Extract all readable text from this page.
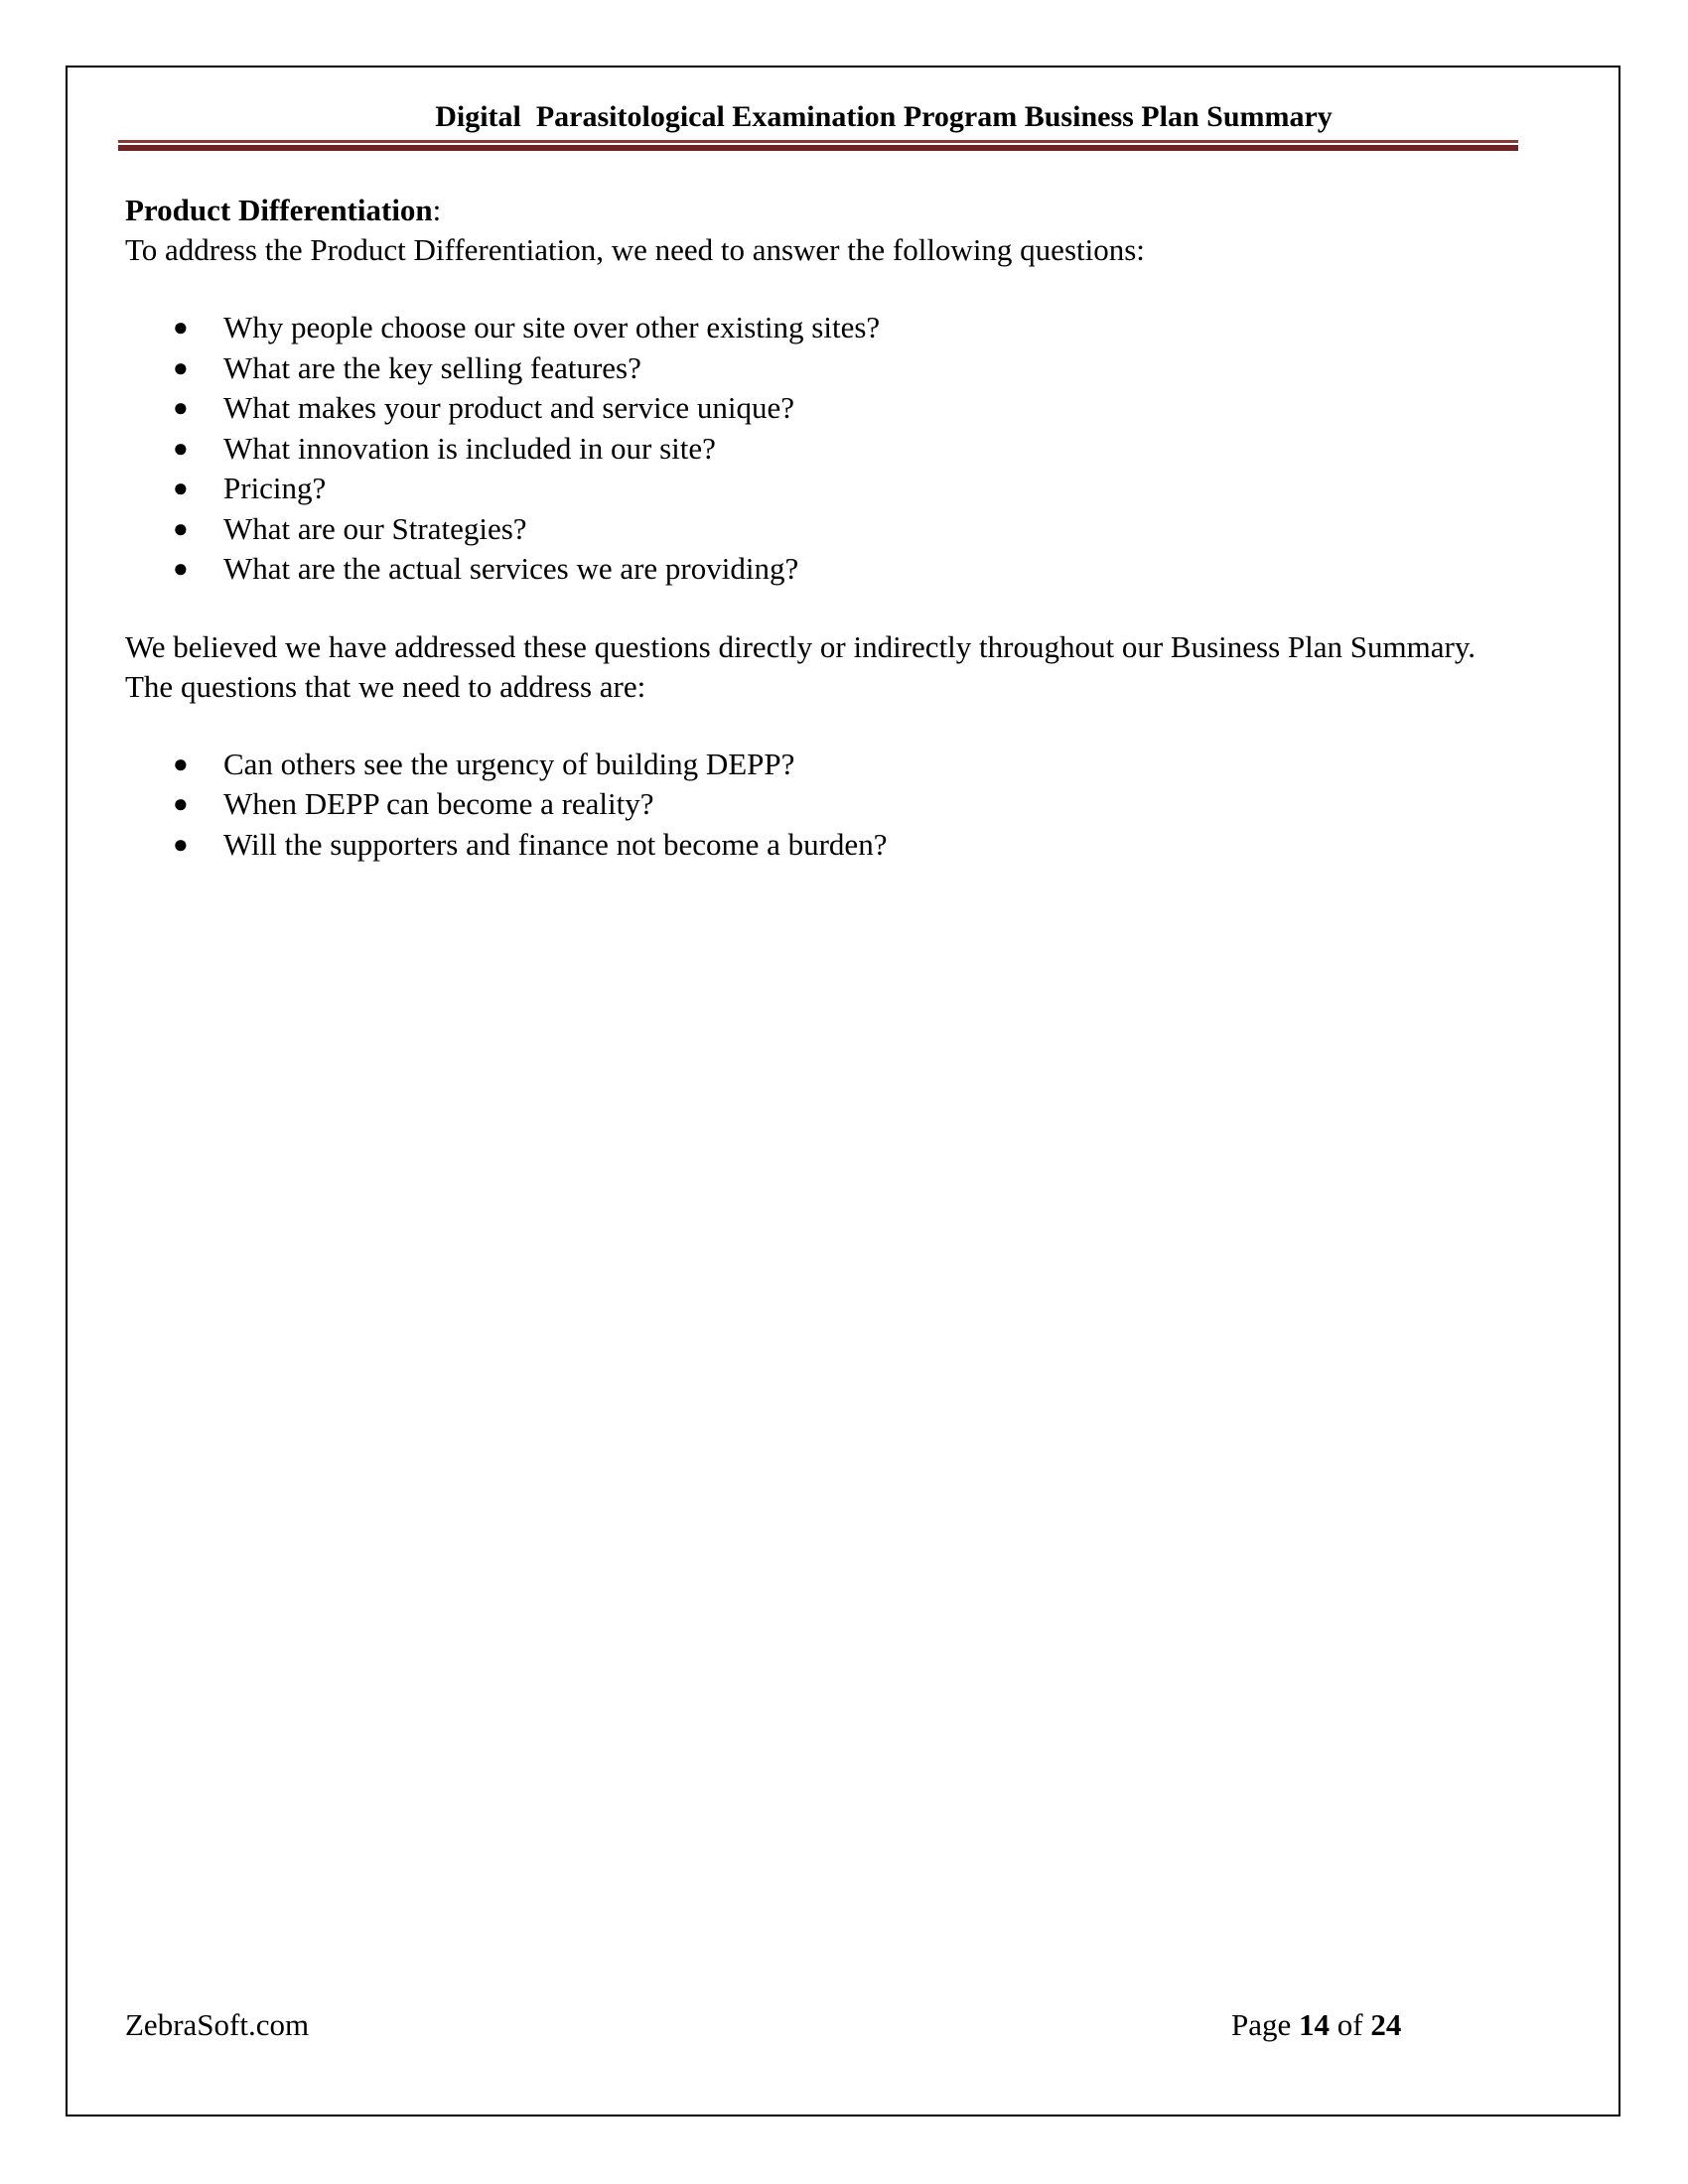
Digital  Parasitological Examination Program Business Plan Summary

Product Differentiation:

To address the Product Differentiation, we need to answer the following questions:

● Why people choose our site over other existing sites?
● What are the key selling features?
● What makes your product and service unique?
● What innovation is included in our site?
● Pricing?
● What are our Strategies?
● What are the actual services we are providing?

We believed we have addressed these questions directly or indirectly throughout our Business Plan Summary. The questions that we need to address are:

● Can others see the urgency of building DEPP?
● When DEPP can become a reality?
● Will the supporters and finance not become a burden?
ZebraSoft.com	Page 14 of 24
